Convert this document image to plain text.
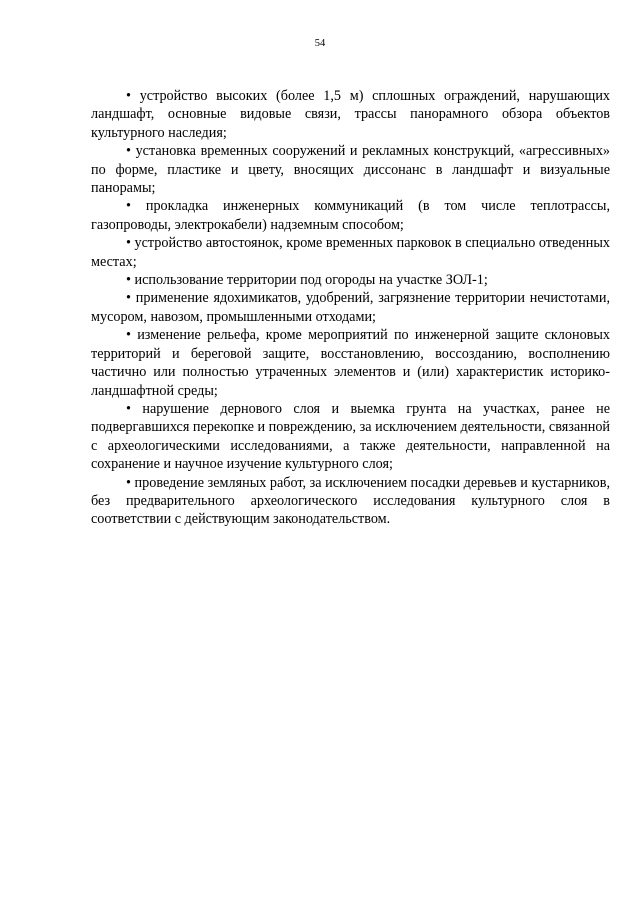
54

• устройство высоких (более 1,5 м) сплошных ограждений, нарушающих ландшафт, основные видовые связи, трассы панорамного обзора объектов культурного наследия;

• установка временных сооружений и рекламных конструкций, «агрессивных» по форме, пластике и цвету, вносящих диссонанс в ландшафт и визуальные панорамы;

• прокладка инженерных коммуникаций (в том числе теплотрассы, газопроводы, электрокабели) надземным способом;

• устройство автостоянок, кроме временных парковок в специально отведенных местах;

• использование территории под огороды на участке ЗОЛ-1;

• применение ядохимикатов, удобрений, загрязнение территории нечистотами, мусором, навозом, промышленными отходами;

• изменение рельефа, кроме мероприятий по инженерной защите склоновых территорий и береговой защите, восстановлению, воссозданию, восполнению частично или полностью утраченных элементов и (или) характеристик историко-ландшафтной среды;

• нарушение дернового слоя и выемка грунта на участках, ранее не подвергавшихся перекопке и повреждению, за исключением деятельности, связанной с археологическими исследованиями, а также деятельности, направленной на сохранение и научное изучение культурного слоя;

• проведение земляных работ, за исключением посадки деревьев и кустарников, без предварительного археологического исследования культурного слоя в соответствии с действующим законодательством.
